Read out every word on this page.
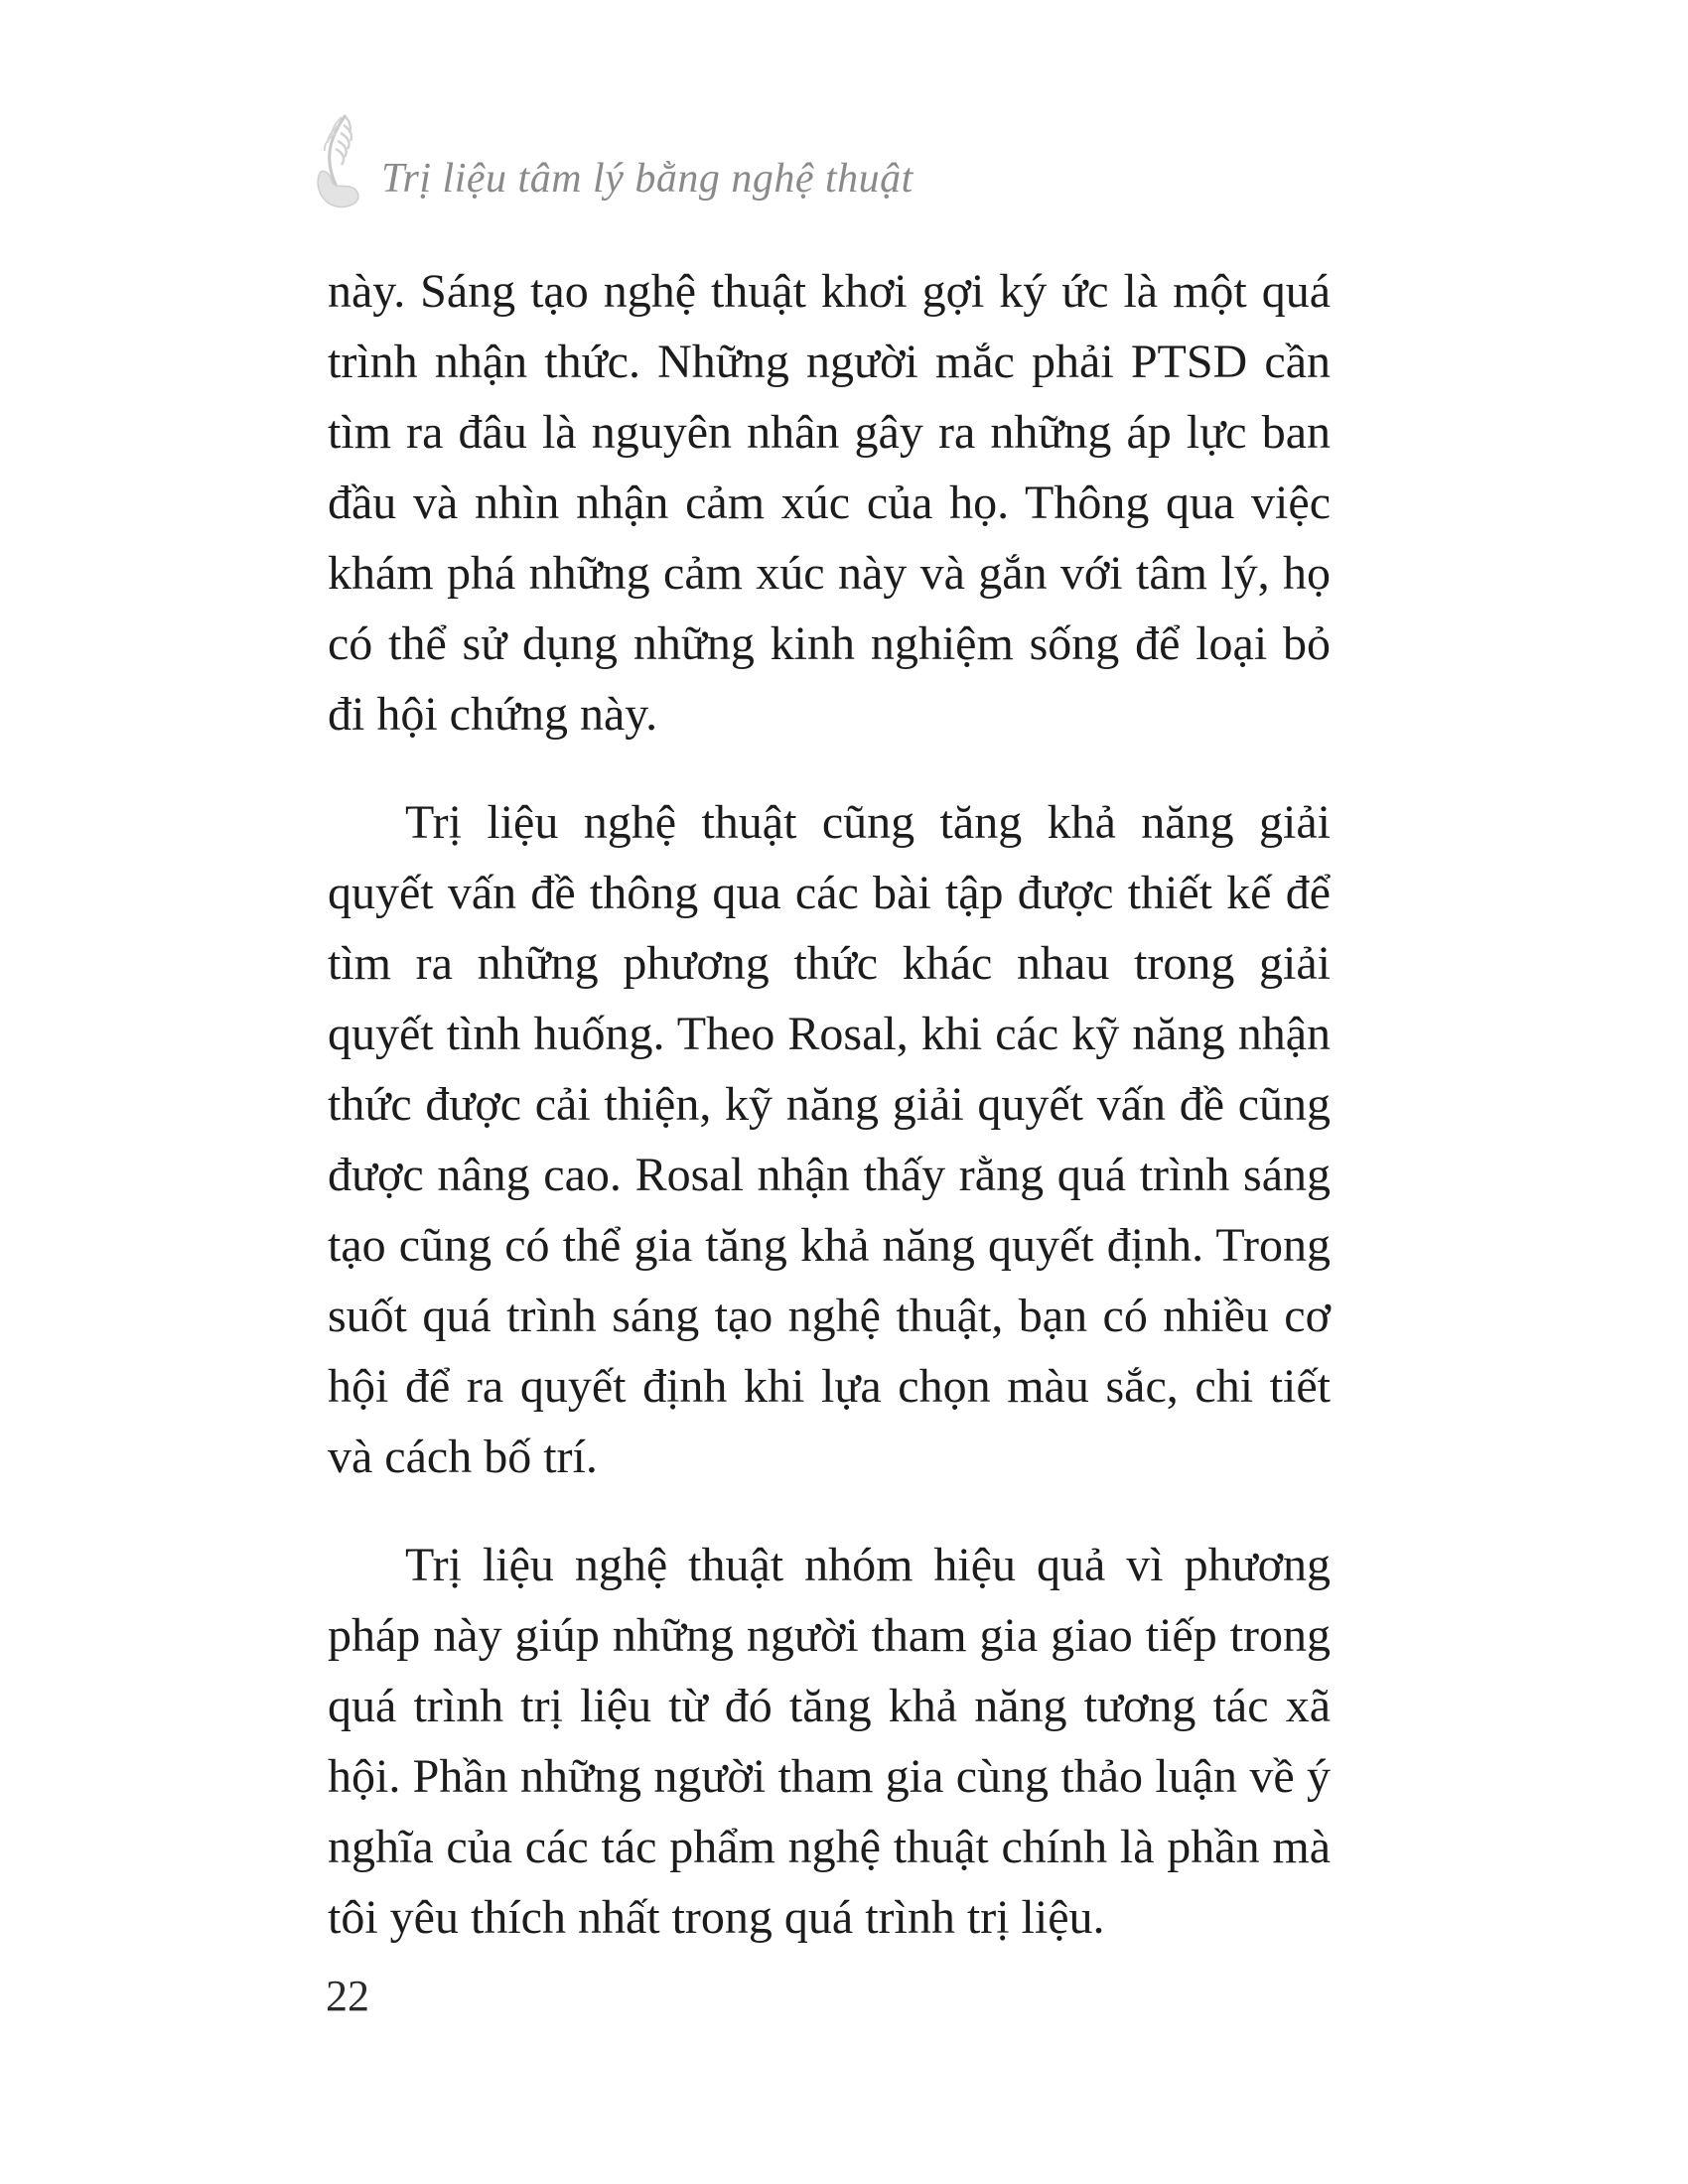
Trị liệu tâm lý bằng nghệ thuật

này. Sáng tạo nghệ thuật khơi gợi ký ức là một quá trình nhận thức. Những người mắc phải PTSD cần tìm ra đâu là nguyên nhân gây ra những áp lực ban đầu và nhìn nhận cảm xúc của họ. Thông qua việc khám phá những cảm xúc này và gắn với tâm lý, họ có thể sử dụng những kinh nghiệm sống để loại bỏ đi hội chứng này.

Trị liệu nghệ thuật cũng tăng khả năng giải quyết vấn đề thông qua các bài tập được thiết kế để tìm ra những phương thức khác nhau trong giải quyết tình huống. Theo Rosal, khi các kỹ năng nhận thức được cải thiện, kỹ năng giải quyết vấn đề cũng được nâng cao. Rosal nhận thấy rằng quá trình sáng tạo cũng có thể gia tăng khả năng quyết định. Trong suốt quá trình sáng tạo nghệ thuật, bạn có nhiều cơ hội để ra quyết định khi lựa chọn màu sắc, chi tiết và cách bố trí.

Trị liệu nghệ thuật nhóm hiệu quả vì phương pháp này giúp những người tham gia giao tiếp trong quá trình trị liệu từ đó tăng khả năng tương tác xã hội. Phần những người tham gia cùng thảo luận về ý nghĩa của các tác phẩm nghệ thuật chính là phần mà tôi yêu thích nhất trong quá trình trị liệu.

22
